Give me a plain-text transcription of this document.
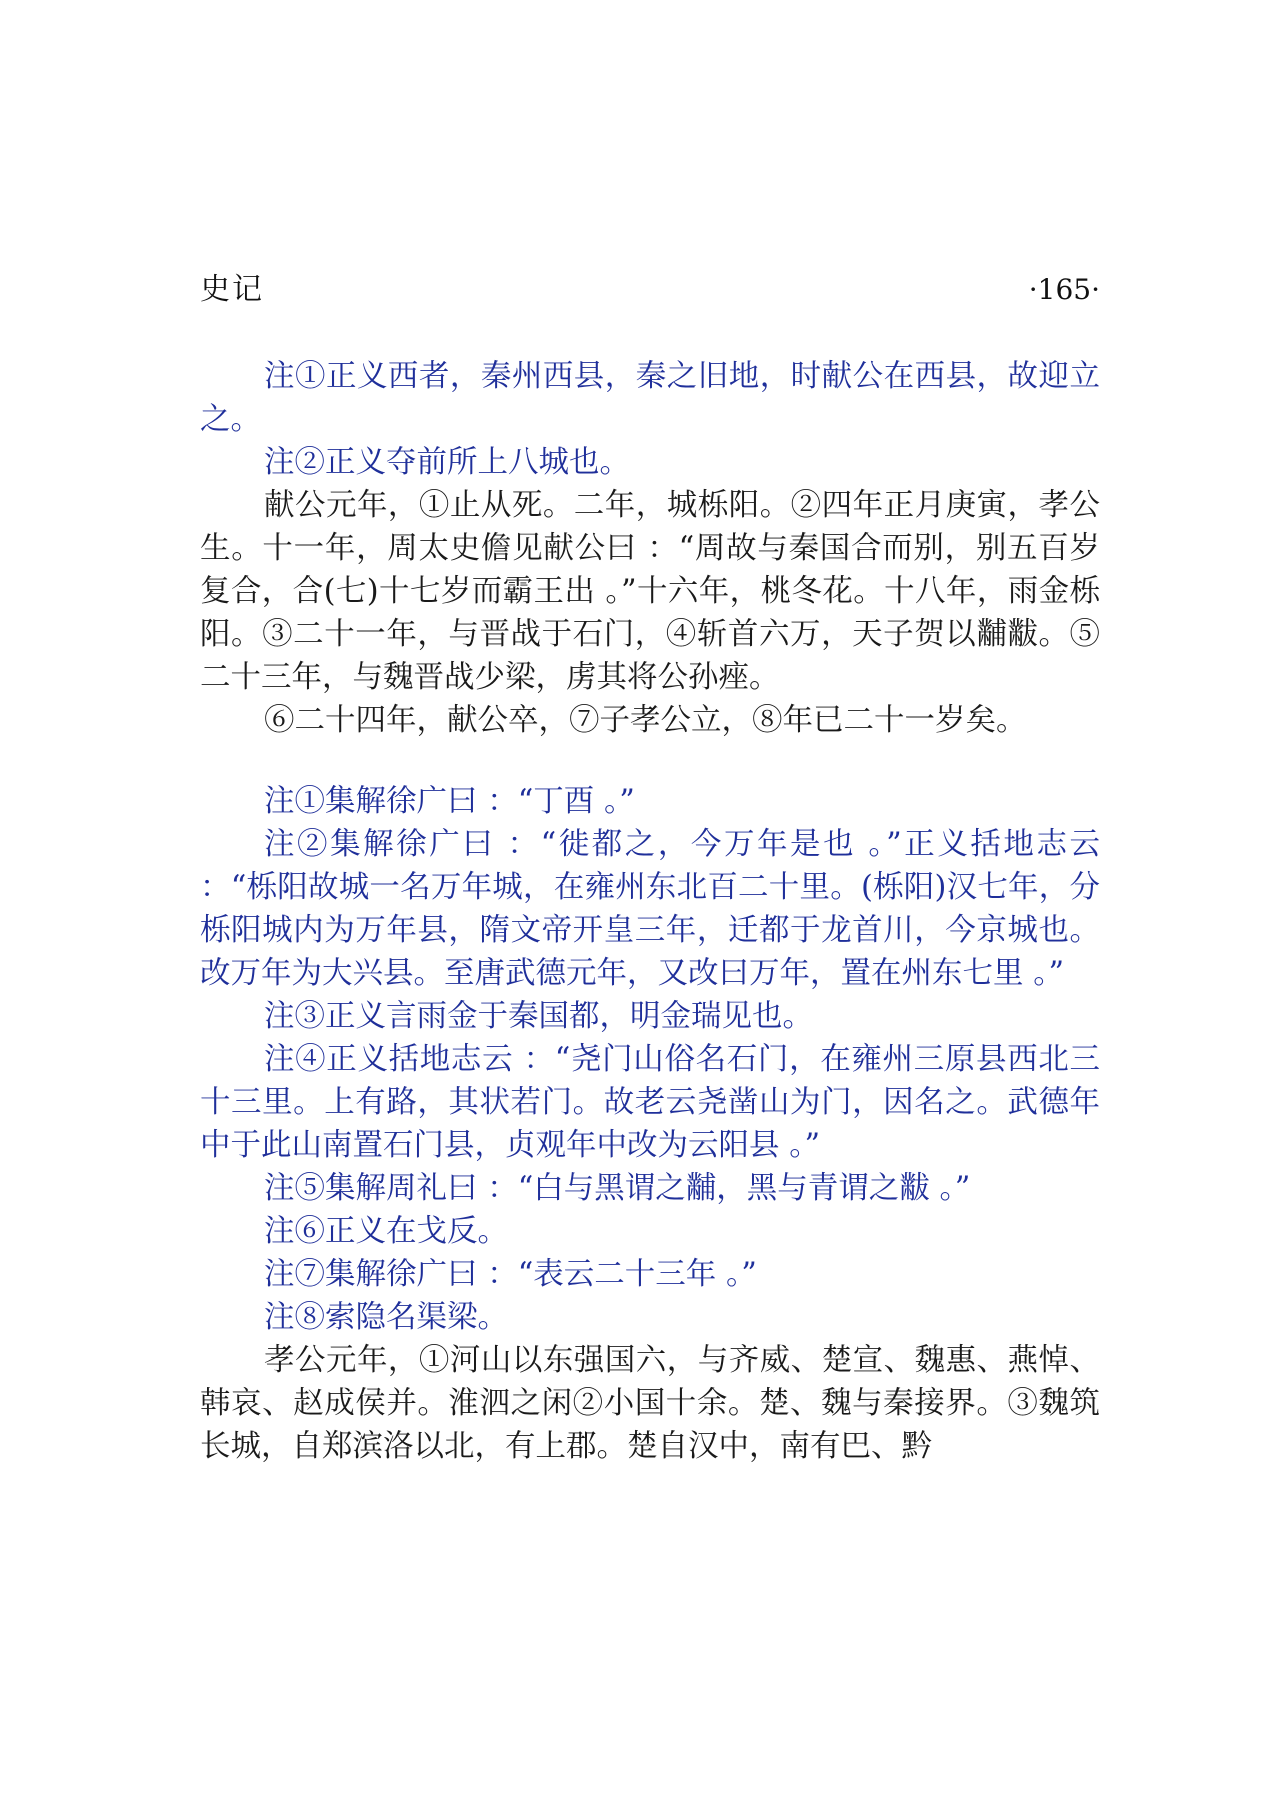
史记	·165·

注①正义西者，秦州西县，秦之旧地，时献公在西县，故迎立之。

注②正义夺前所上八城也。

献公元年，①止从死。二年，城栎阳。②四年正月庚寅，孝公生。十一年，周太史儋见献公曰 ：“周故与秦国合而别，别五百岁复合，合(七)十七岁而霸王出 。”十六年，桃冬花。十八年，雨金栎阳。③二十一年，与晋战于石门，④斩首六万，天子贺以黼黻。⑤二十三年，与魏晋战少梁，虏其将公孙痤。

⑥二十四年，献公卒，⑦子孝公立，⑧年已二十一岁矣。

注①集解徐广曰 ：“丁酉 。”

注②集解徐广曰 ：“徙都之，今万年是也 。”正义括地志云 ：“栎阳故城一名万年城，在雍州东北百二十里。(栎阳)汉七年，分栎阳城内为万年县，隋文帝开皇三年，迁都于龙首川，今京城也。改万年为大兴县。至唐武德元年，又改曰万年，置在州东七里 。”

注③正义言雨金于秦国都，明金瑞见也。

注④正义括地志云 ：“尧门山俗名石门，在雍州三原县西北三十三里。上有路，其状若门。故老云尧凿山为门，因名之。武德年中于此山南置石门县，贞观年中改为云阳县 。”

注⑤集解周礼曰 ：“白与黑谓之黼，黑与青谓之黻 。”

注⑥正义在戈反。

注⑦集解徐广曰 ：“表云二十三年 。”

注⑧索隐名渠梁。

孝公元年，①河山以东强国六，与齐威、楚宣、魏惠、燕悼、韩哀、赵成侯并。淮泗之闲②小国十余。楚、魏与秦接界。③魏筑长城，自郑滨洛以北，有上郡。楚自汉中，南有巴、黔
